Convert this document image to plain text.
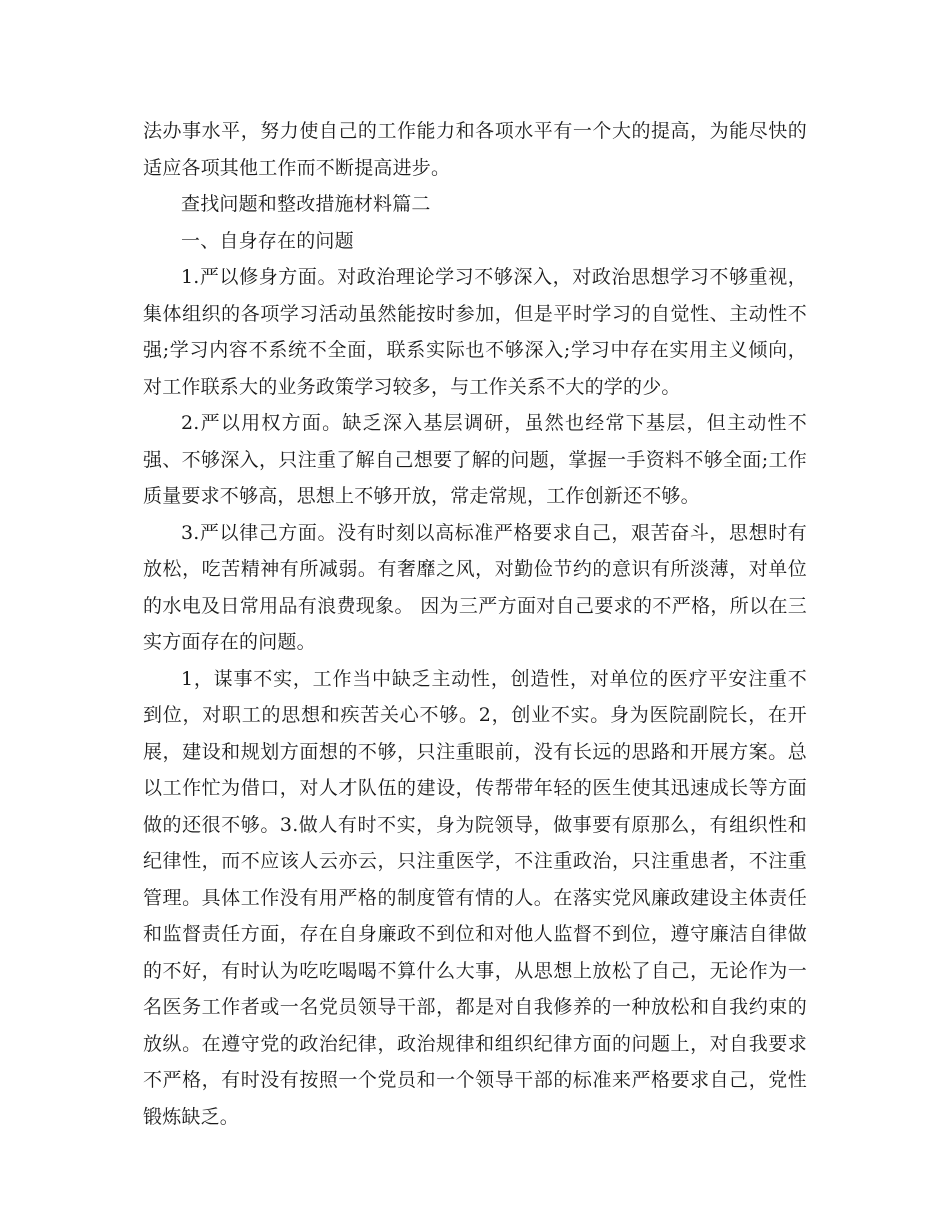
法办事水平，努力使自己的工作能力和各项水平有一个大的提高，为能尽快的适应各项其他工作而不断提高进步。

查找问题和整改措施材料篇二

一、自身存在的问题

1.严以修身方面。对政治理论学习不够深入，对政治思想学习不够重视，集体组织的各项学习活动虽然能按时参加，但是平时学习的自觉性、主动性不强;学习内容不系统不全面，联系实际也不够深入;学习中存在实用主义倾向，对工作联系大的业务政策学习较多，与工作关系不大的学的少。

2.严以用权方面。缺乏深入基层调研，虽然也经常下基层，但主动性不强、不够深入，只注重了解自己想要了解的问题，掌握一手资料不够全面;工作质量要求不够高，思想上不够开放，常走常规，工作创新还不够。

3.严以律己方面。没有时刻以高标准严格要求自己，艰苦奋斗，思想时有放松，吃苦精神有所减弱。有奢靡之风，对勤俭节约的意识有所淡薄，对单位的水电及日常用品有浪费现象。 因为三严方面对自己要求的不严格，所以在三实方面存在的问题。

1，谋事不实，工作当中缺乏主动性，创造性，对单位的医疗平安注重不到位，对职工的思想和疾苦关心不够。2，创业不实。身为医院副院长，在开展，建设和规划方面想的不够，只注重眼前，没有长远的思路和开展方案。总以工作忙为借口，对人才队伍的建设，传帮带年轻的医生使其迅速成长等方面做的还很不够。3.做人有时不实，身为院领导，做事要有原那么，有组织性和纪律性，而不应该人云亦云，只注重医学，不注重政治，只注重患者，不注重管理。具体工作没有用严格的制度管有情的人。在落实党风廉政建设主体责任和监督责任方面，存在自身廉政不到位和对他人监督不到位，遵守廉洁自律做的不好，有时认为吃吃喝喝不算什么大事，从思想上放松了自己，无论作为一名医务工作者或一名党员领导干部，都是对自我修养的一种放松和自我约束的放纵。在遵守党的政治纪律，政治规律和组织纪律方面的问题上，对自我要求不严格，有时没有按照一个党员和一个领导干部的标准来严格要求自己，党性锻炼缺乏。
